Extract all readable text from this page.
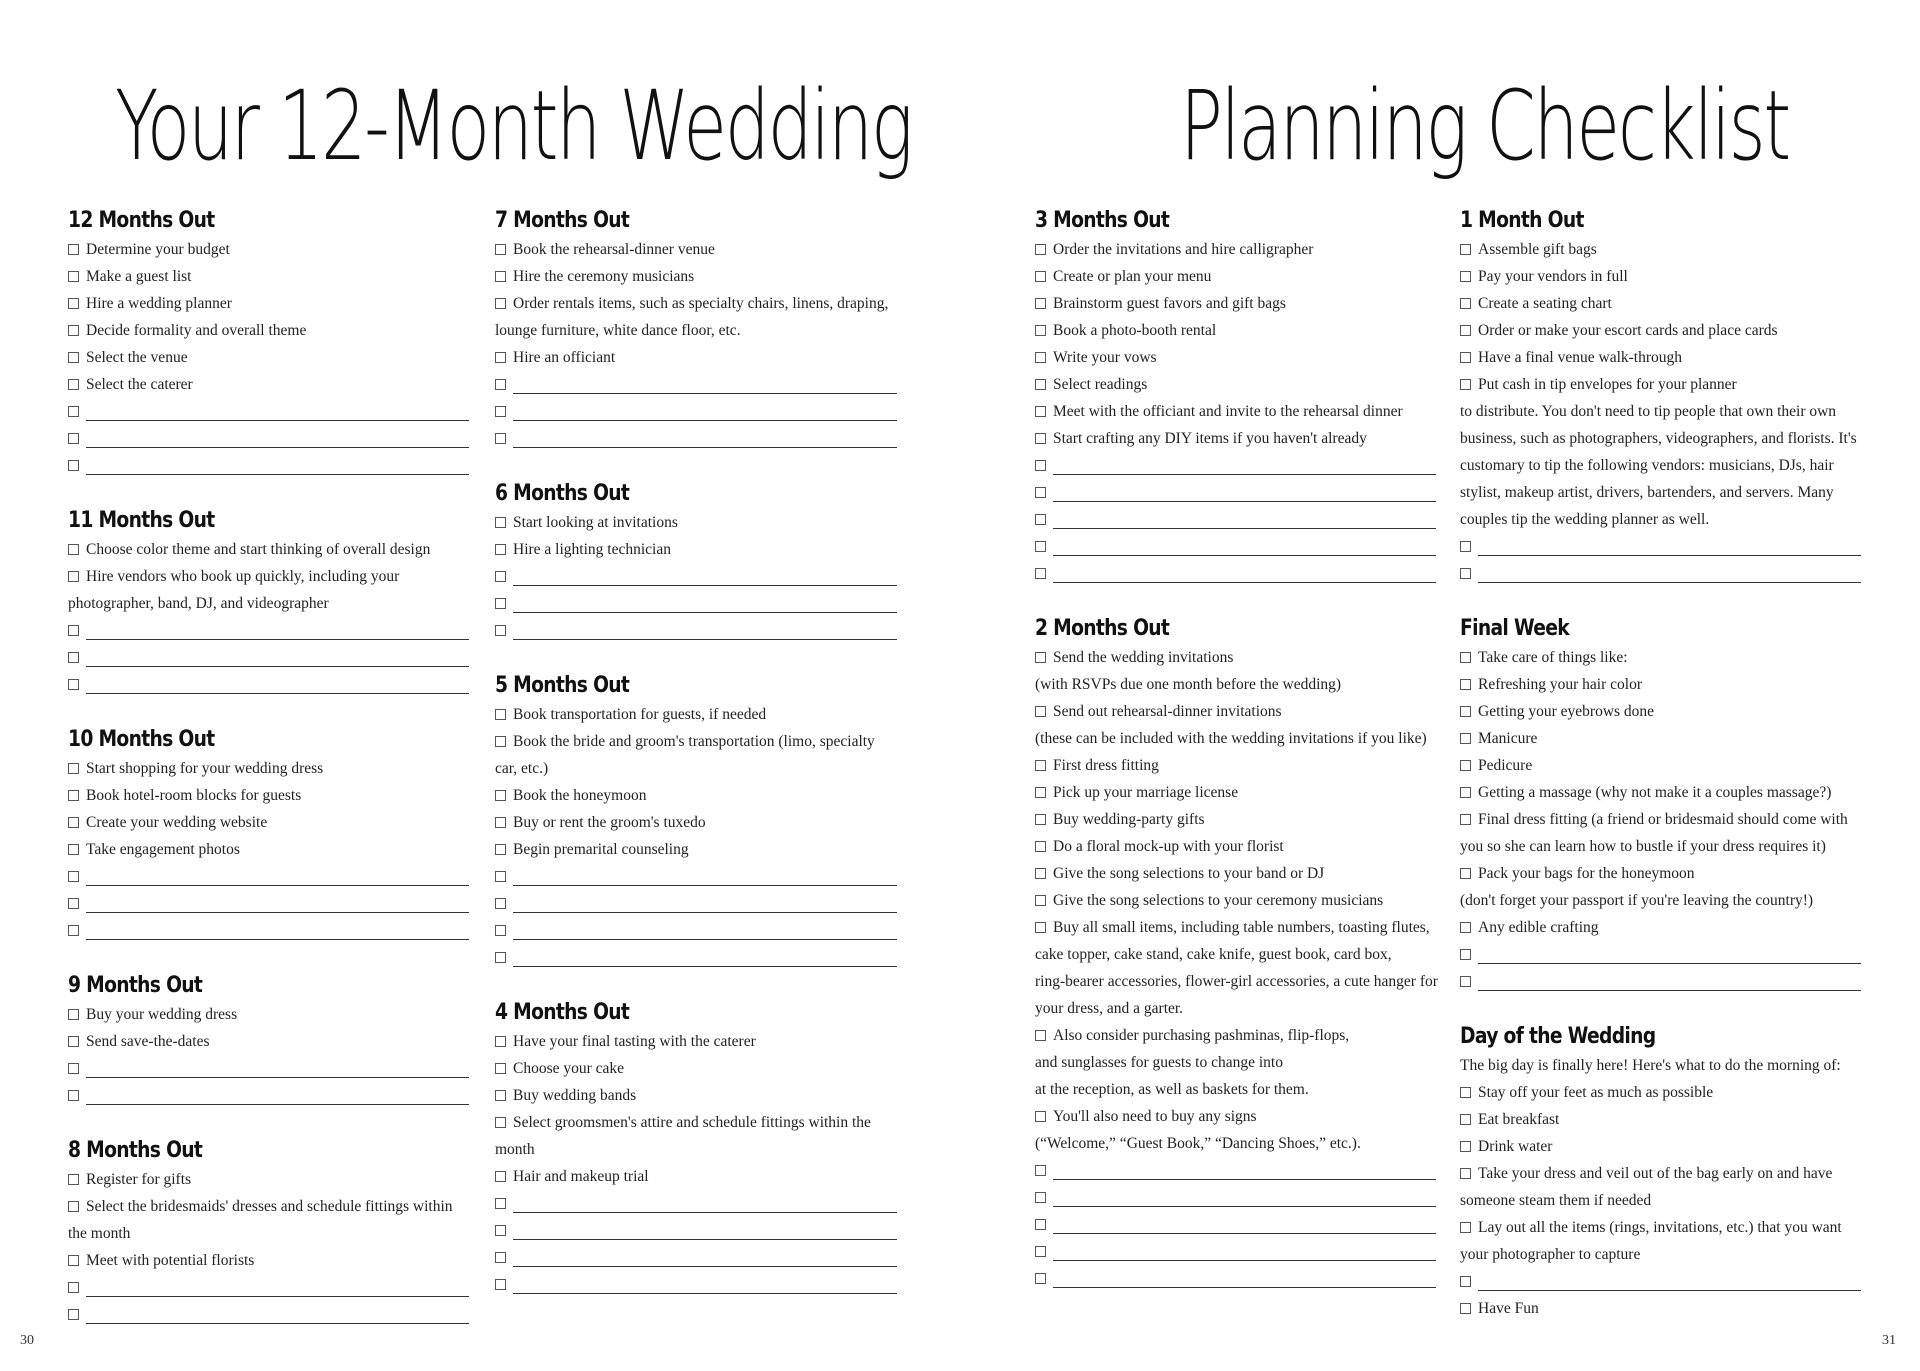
Your 12-Month Wedding	Planning Checklist
12 Months Out
Determine your budget
Make a guest list
Hire a wedding planner
Decide formality and overall theme
Select the venue
Select the caterer
11 Months Out
Choose color theme and start thinking of overall design
Hire vendors who book up quickly, including your
photographer, band, DJ, and videographer
10 Months Out
Start shopping for your wedding dress
Book hotel-room blocks for guests
Create your wedding website
Take engagement photos
9 Months Out
Buy your wedding dress
Send save-the-dates
8 Months Out
Register for gifts
Select the bridesmaids' dresses and schedule fittings within
the month
Meet with potential florists
7 Months Out
Book the rehearsal-dinner venue
Hire the ceremony musicians
Order rentals items, such as specialty chairs, linens, draping,
lounge furniture, white dance floor, etc.
Hire an officiant
6 Months Out
Start looking at invitations
Hire a lighting technician
5 Months Out
Book transportation for guests, if needed
Book the bride and groom's transportation (limo, specialty
car, etc.)
Book the honeymoon
Buy or rent the groom's tuxedo
Begin premarital counseling
4 Months Out
Have your final tasting with the caterer
Choose your cake
Buy wedding bands
Select groomsmen's attire and schedule fittings within the
month
Hair and makeup trial
3 Months Out
Order the invitations and hire calligrapher
Create or plan your menu
Brainstorm guest favors and gift bags
Book a photo-booth rental
Write your vows
Select readings
Meet with the officiant and invite to the rehearsal dinner
Start crafting any DIY items if you haven't already
2 Months Out
Send the wedding invitations
(with RSVPs due one month before the wedding)
Send out rehearsal-dinner invitations
(these can be included with the wedding invitations if you like)
First dress fitting
Pick up your marriage license
Buy wedding-party gifts
Do a floral mock-up with your florist
Give the song selections to your band or DJ
Give the song selections to your ceremony musicians
Buy all small items, including table numbers, toasting flutes,
cake topper, cake stand, cake knife, guest book, card box,
ring-bearer accessories, flower-girl accessories, a cute hanger for
your dress, and a garter.
Also consider purchasing pashminas, flip-flops,
and sunglasses for guests to change into
at the reception, as well as baskets for them.
You'll also need to buy any signs
(“Welcome,” “Guest Book,” “Dancing Shoes,” etc.).
1 Month Out
Assemble gift bags
Pay your vendors in full
Create a seating chart
Order or make your escort cards and place cards
Have a final venue walk-through
Put cash in tip envelopes for your planner
to distribute. You don't need to tip people that own their own
business, such as photographers, videographers, and florists. It's
customary to tip the following vendors: musicians, DJs, hair
stylist, makeup artist, drivers, bartenders, and servers. Many
couples tip the wedding planner as well.
Final Week
Take care of things like:
Refreshing your hair color
Getting your eyebrows done
Manicure
Pedicure
Getting a massage (why not make it a couples massage?)
Final dress fitting (a friend or bridesmaid should come with
you so she can learn how to bustle if your dress requires it)
Pack your bags for the honeymoon
(don't forget your passport if you're leaving the country!)
Any edible crafting
Day of the Wedding
The big day is finally here! Here's what to do the morning of:
Stay off your feet as much as possible
Eat breakfast
Drink water
Take your dress and veil out of the bag early on and have
someone steam them if needed
Lay out all the items (rings, invitations, etc.) that you want
your photographer to capture
Have Fun
30	31
